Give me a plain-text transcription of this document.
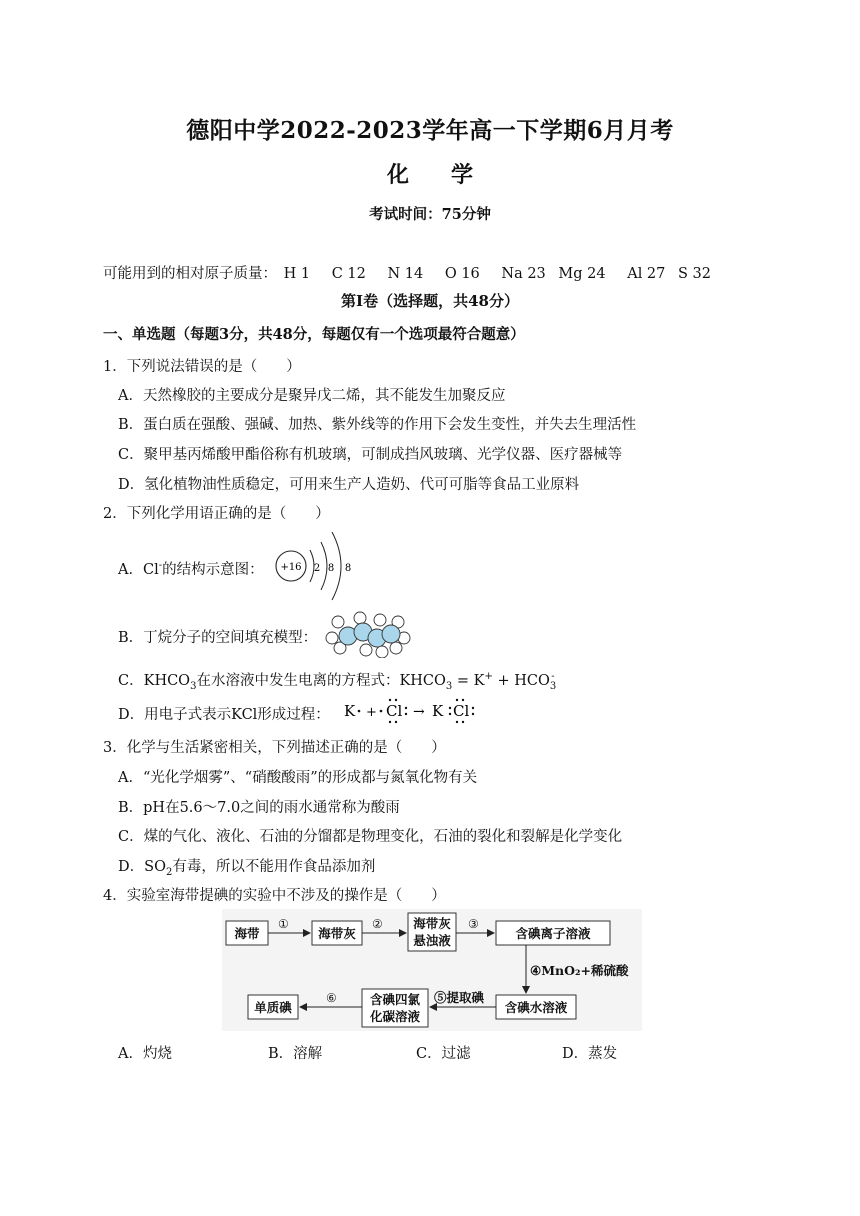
德阳中学2022-2023学年高一下学期6月月考
化 学
考试时间：75分钟
可能用到的相对原子质量： H 1 C 12 N 14 O 16 Na 23 Mg 24 Al 27 S 32
第Ⅰ卷（选择题，共48分）
一、单选题（每题3分，共48分，每题仅有一个选项最符合题意）
1．下列说法错误的是（　　）
A．天然橡胶的主要成分是聚异戊二烯，其不能发生加聚反应
B．蛋白质在强酸、强碱、加热、紫外线等的作用下会发生变性，并失去生理活性
C．聚甲基丙烯酸甲酯俗称有机玻璃，可制成挡风玻璃、光学仪器、医疗器械等
D．氢化植物油性质稳定，可用来生产人造奶、代可可脂等食品工业原料
2．下列化学用语正确的是（　　）
A．Cl-的结构示意图： +16 2 8 8
B．丁烷分子的空间填充模型：
C．$KHCO_3$在水溶液中发生电离的方程式：$KHCO_3 = K^+ + HCO_3^-$
D．用电子式表示KCl形成过程： K + Cl → K Cl
3．化学与生活紧密相关，下列描述正确的是（　　）
A．“光化学烟雾”、“硝酸酸雨”的形成都与氮氧化物有关
B．pH在5.6～7.0之间的雨水通常称为酸雨
C．煤的气化、液化、石油的分馏都是物理变化，石油的裂化和裂解是化学变化
D．$SO_2$有毒，所以不能用作食品添加剂
4．实验室海带提碘的实验中不涉及的操作是（　　）
海带	海带灰
海带灰
悬浊液	含碘离子溶液
含碘水溶液
含碘四氯
化碳溶液
单质碘
①	②	③
④MnO₂+稀硫酸
⑤提取碘
⑥
A．灼烧	B．溶解	C．过滤	D．蒸发
